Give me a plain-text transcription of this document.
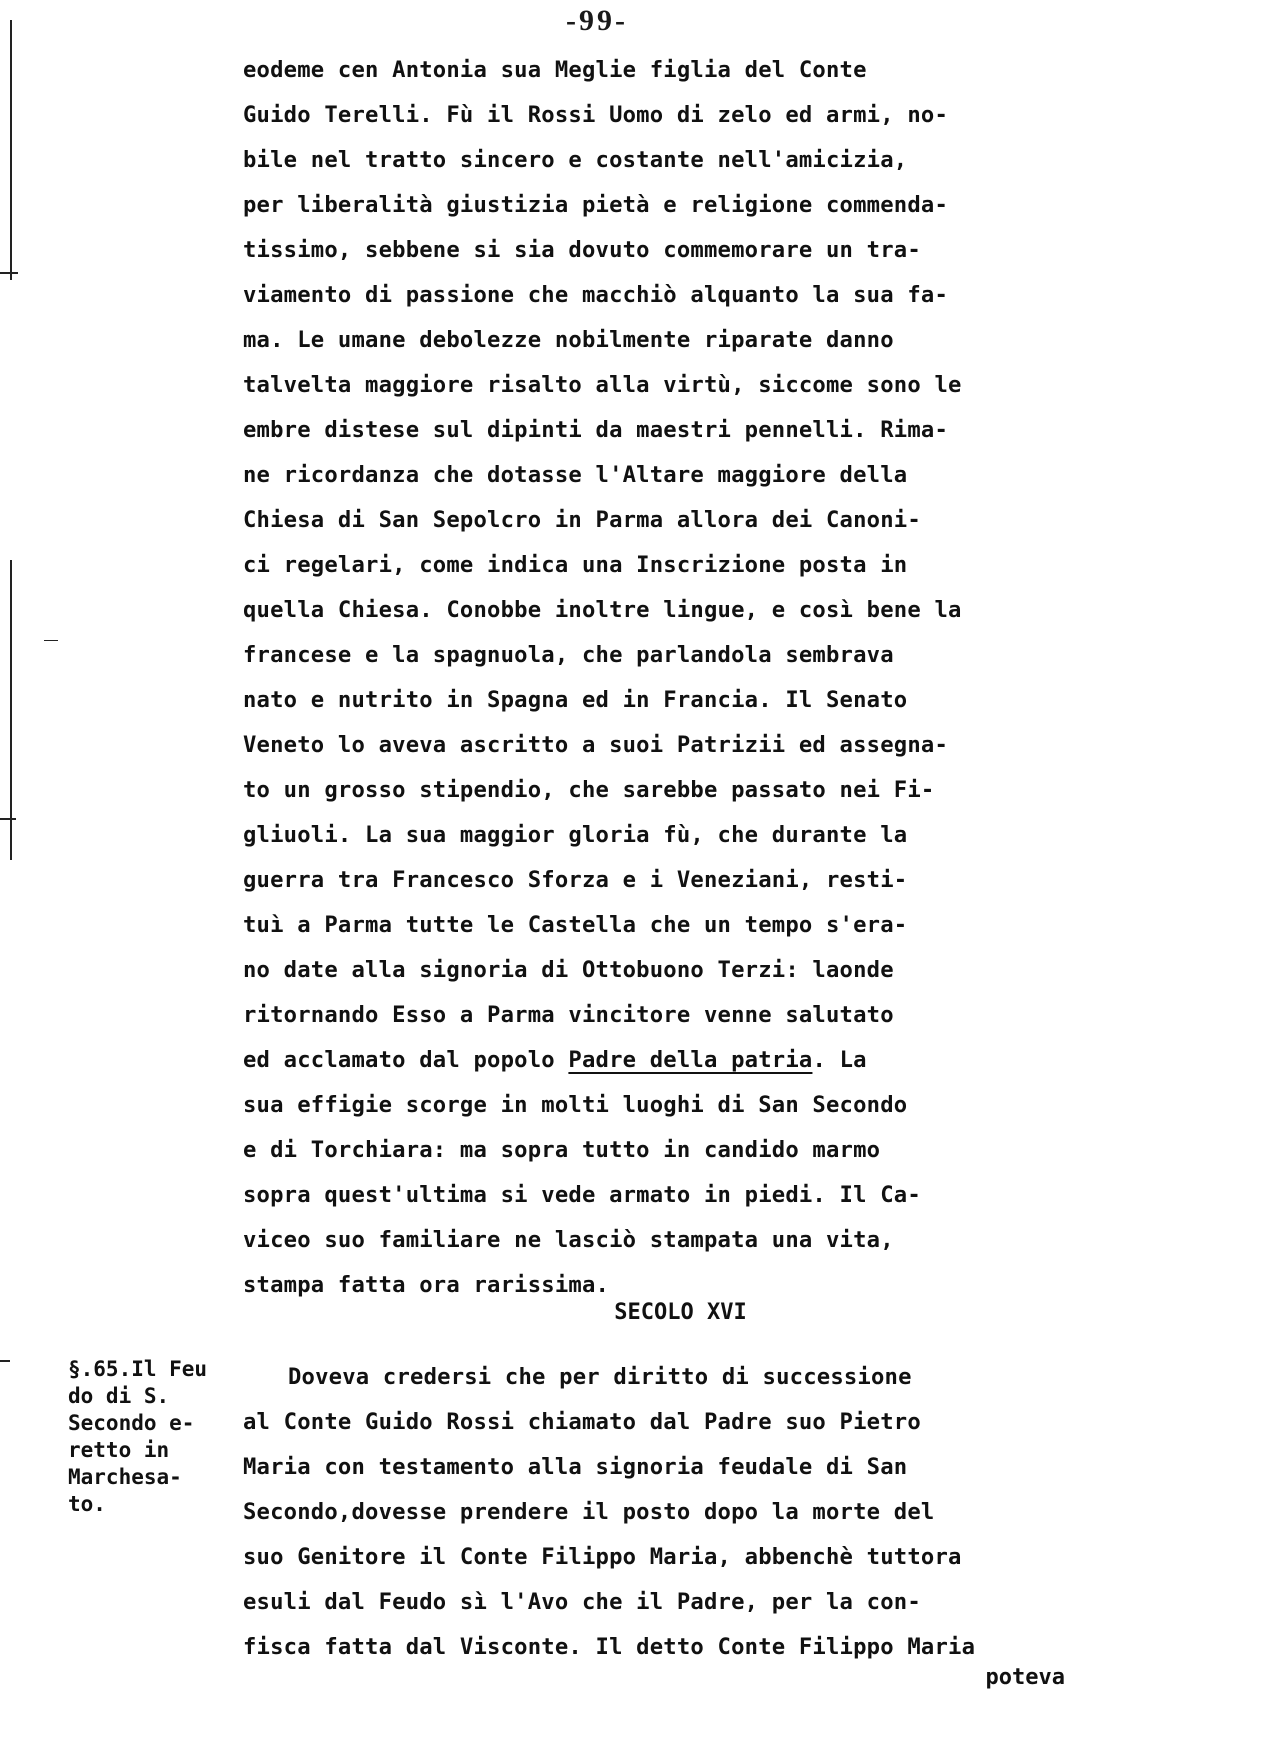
-99-
eodeme cen Antonia sua Meglie figlia del Conte
Guido Terelli. Fù il Rossi Uomo di zelo ed armi, no-
bile nel tratto sincero e costante nell'amicizia,
per liberalità giustizia pietà e religione commenda-
tissimo, sebbene si sia dovuto commemorare un tra-
viamento di passione che macchiò alquanto la sua fa-
ma. Le umane debolezze nobilmente riparate danno
talvelta maggiore risalto alla virtù, siccome sono le
embre distese sul dipinti da maestri pennelli. Rima-
ne ricordanza che dotasse l'Altare maggiore della
Chiesa di San Sepolcro in Parma allora dei Canoni-
ci regelari, come indica una Inscrizione posta in
quella Chiesa. Conobbe inoltre lingue, e così bene la
francese e la spagnuola, che parlandola sembrava
nato e nutrito in Spagna ed in Francia. Il Senato
Veneto lo aveva ascritto a suoi Patrizii ed assegna-
to un grosso stipendio, che sarebbe passato nei Fi-
gliuoli. La sua maggior gloria fù, che durante la
guerra tra Francesco Sforza e i Veneziani, resti-
tuì a Parma tutte le Castella che un tempo s'era-
no date alla signoria di Ottobuono Terzi: laonde
ritornando Esso a Parma vincitore venne salutato
ed acclamato dal popolo Padre della patria. La
sua effigie scorge in molti luoghi di San Secondo
e di Torchiara: ma sopra tutto in candido marmo
sopra quest'ultima si vede armato in piedi. Il Ca-
viceo suo familiare ne lasciò stampata una vita,
stampa fatta ora rarissima.
SECOLO XVI
§.65.Il Feu
do di S.
Secondo e-
retto in
Marchesa-
to.
Doveva credersi che per diritto di successione
al Conte Guido Rossi chiamato dal Padre suo Pietro
Maria con testamento alla signoria feudale di San
Secondo,dovesse prendere il posto dopo la morte del
suo Genitore il Conte Filippo Maria, abbenchè tuttora
esuli dal Feudo sì l'Avo che il Padre, per la con-
fisca fatta dal Visconte. Il detto Conte Filippo Maria
poteva
